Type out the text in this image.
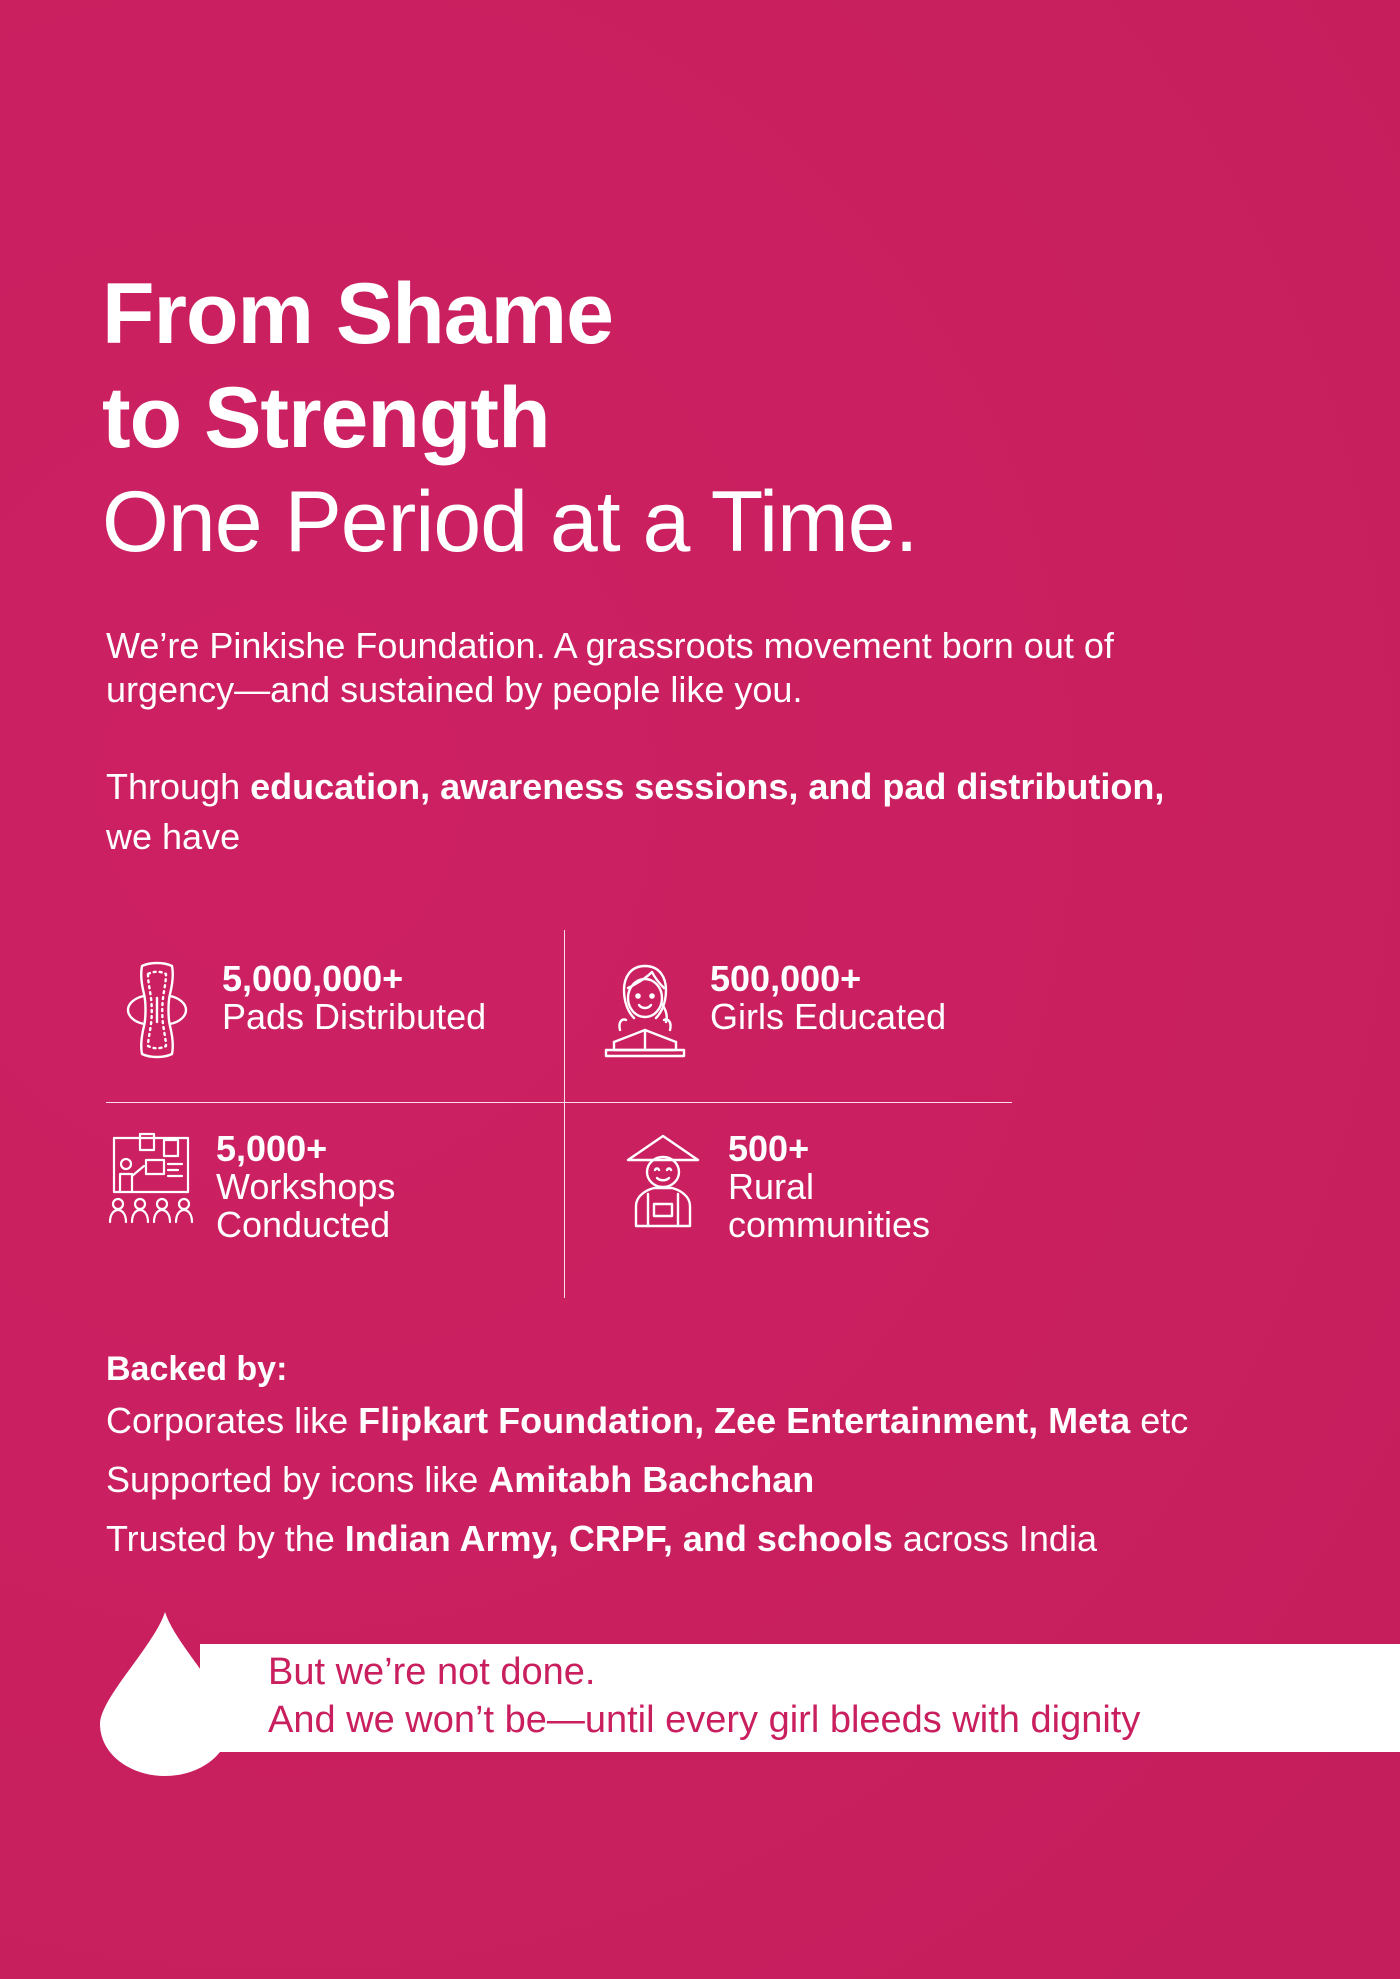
From Shame
to Strength
One Period at a Time.

We’re Pinkishe Foundation. A grassroots movement born out of urgency—and sustained by people like you.

Through education, awareness sessions, and pad distribution,
we have

5,000,000+
Pads Distributed
500,000+
Girls Educated
5,000+
Workshops
Conducted
500+
Rural
communities

Backed by:

Corporates like Flipkart Foundation, Zee Entertainment, Meta etc

Supported by icons like Amitabh Bachchan

Trusted by the Indian Army, CRPF, and schools across India

But we’re not done.
And we won’t be—until every girl bleeds with dignity
